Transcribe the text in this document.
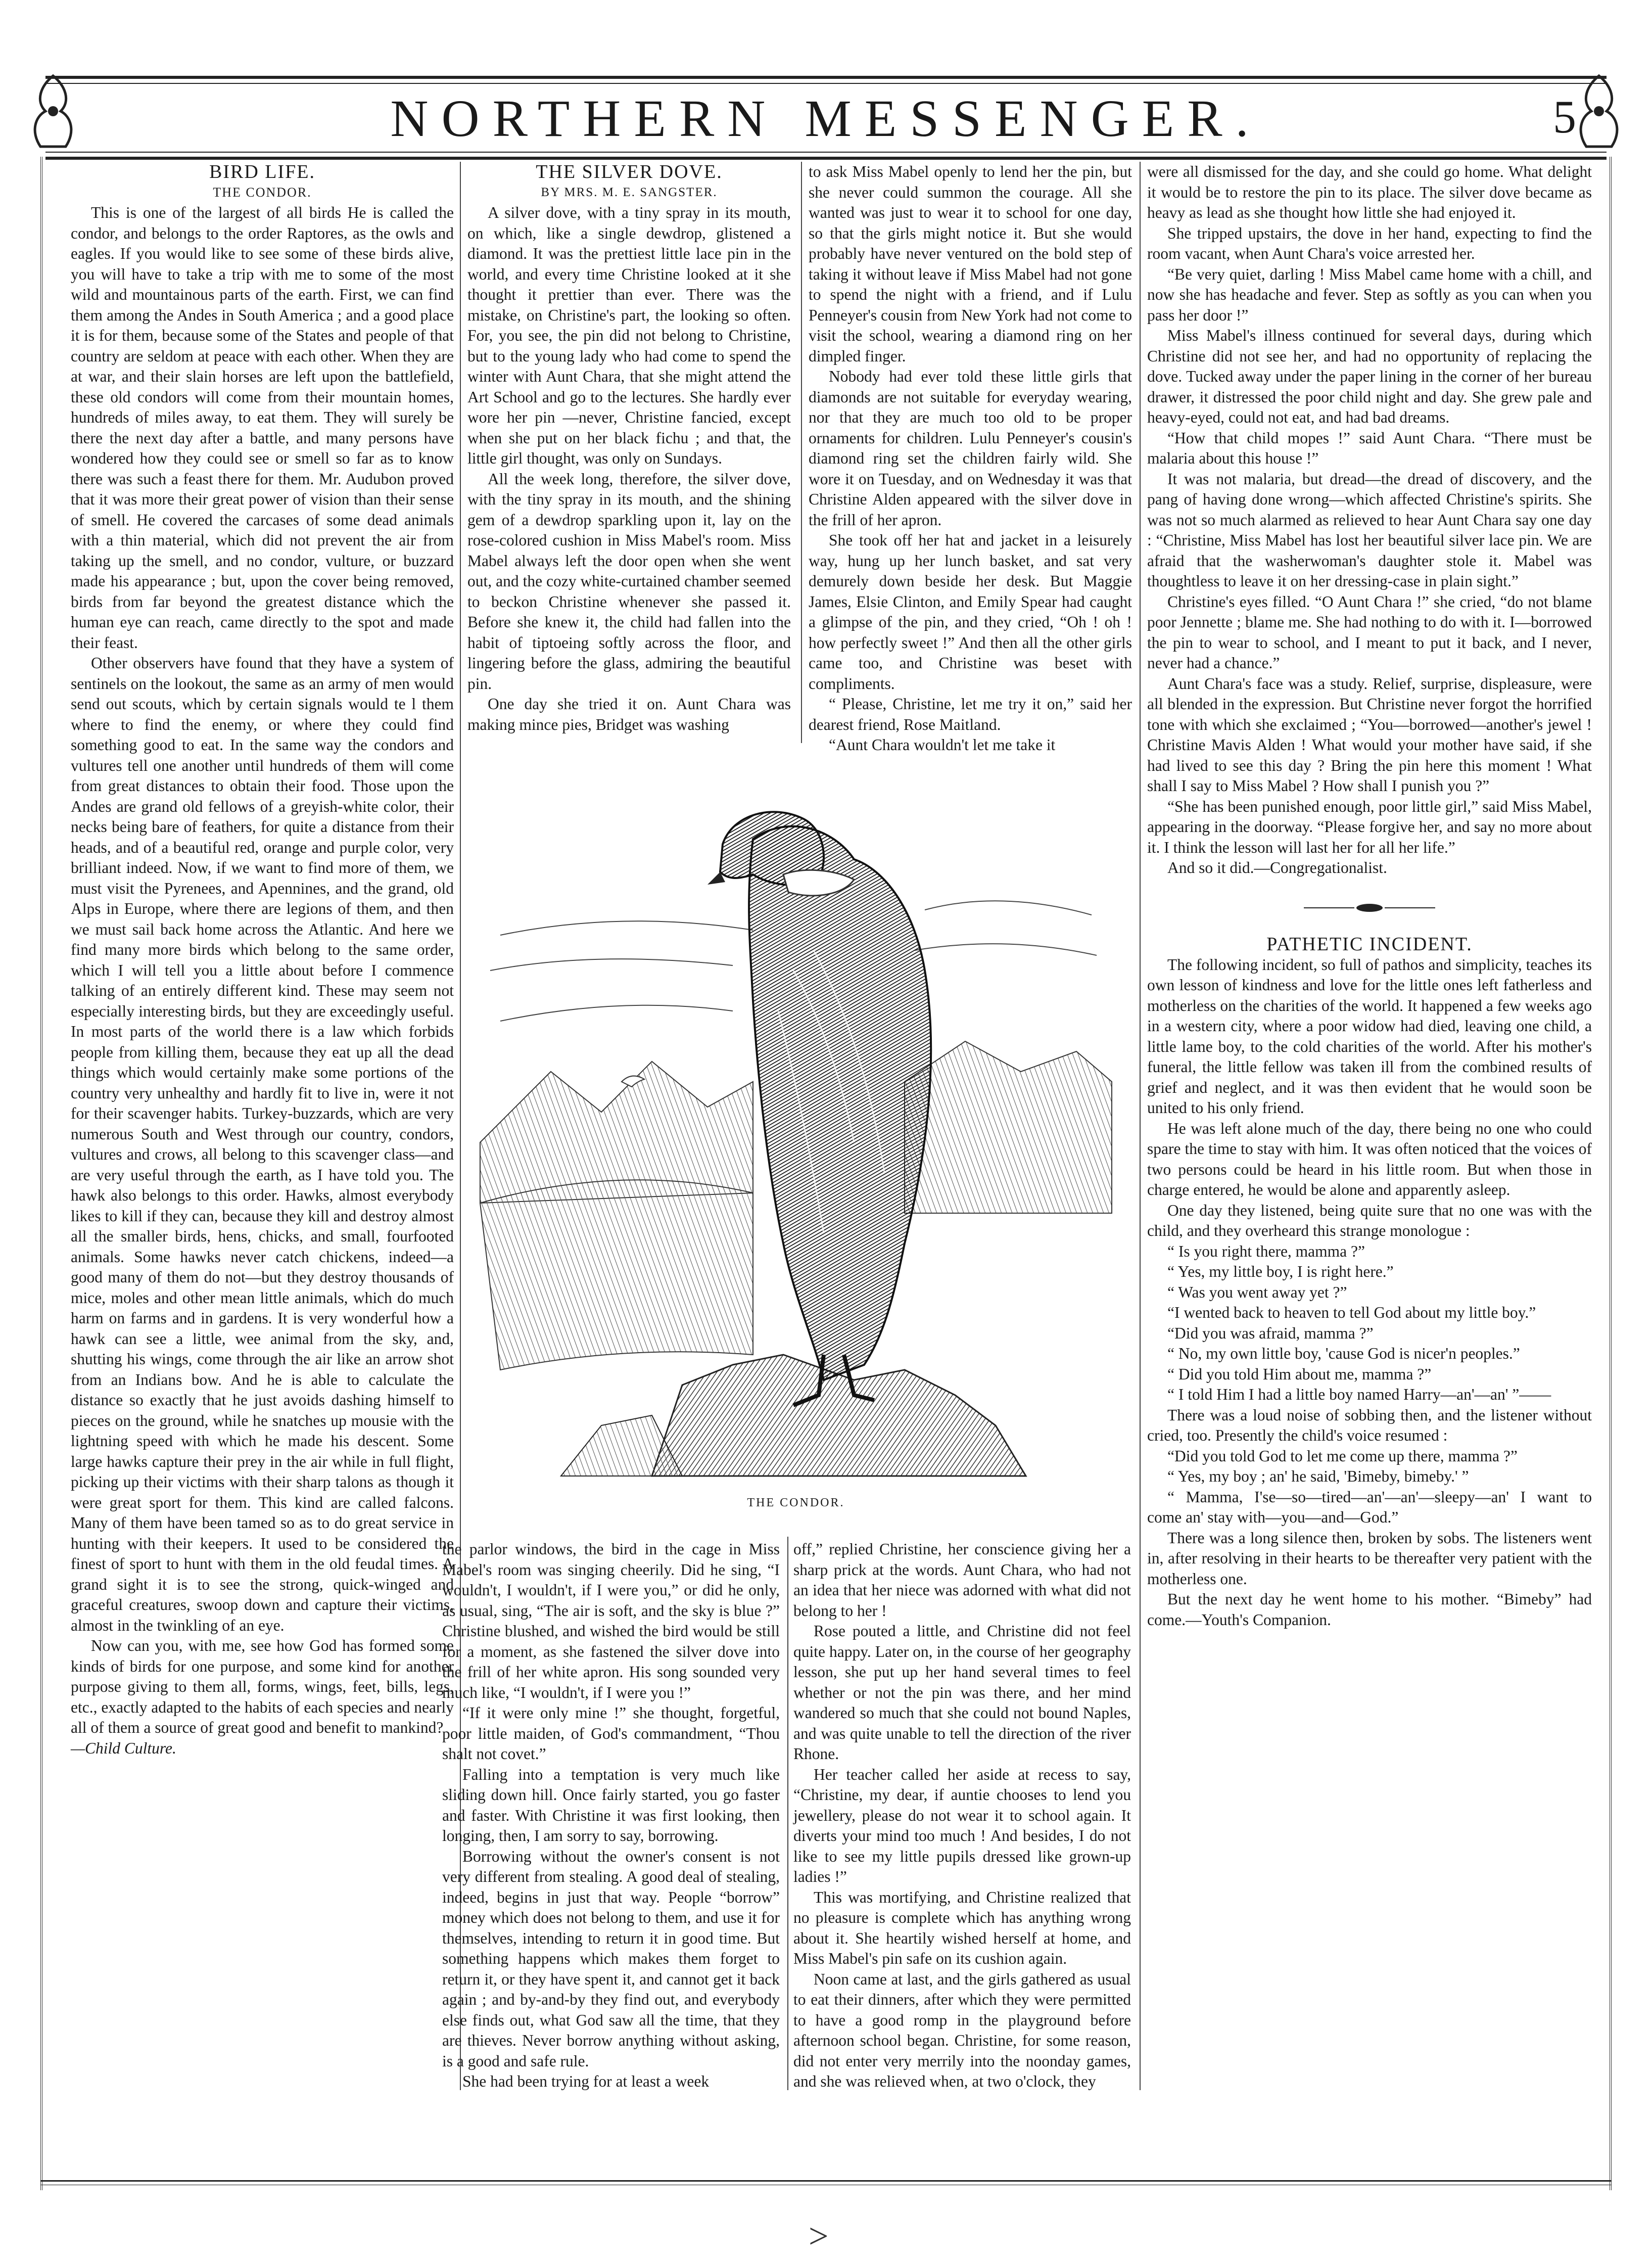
NORTHERN MESSENGER.	5

BIRD LIFE.

THE CONDOR.

This is one of the largest of all birds He is called the condor, and belongs to the order Raptores, as the owls and eagles. If you would like to see some of these birds alive, you will have to take a trip with me to some of the most wild and mountainous parts of the earth. First, we can find them among the Andes in South America ; and a good place it is for them, because some of the States and people of that country are seldom at peace with each other. When they are at war, and their slain horses are left upon the battlefield, these old condors will come from their mountain homes, hundreds of miles away, to eat them. They will surely be there the next day after a battle, and many persons have wondered how they could see or smell so far as to know there was such a feast there for them. Mr. Audubon proved that it was more their great power of vision than their sense of smell. He covered the carcases of some dead animals with a thin material, which did not prevent the air from taking up the smell, and no condor, vulture, or buzzard made his appearance ; but, upon the cover being removed, birds from far beyond the greatest distance which the human eye can reach, came directly to the spot and made their feast.

Other observers have found that they have a system of sentinels on the lookout, the same as an army of men would send out scouts, which by certain signals would te l them where to find the enemy, or where they could find something good to eat. In the same way the condors and vultures tell one another until hundreds of them will come from great distances to obtain their food. Those upon the Andes are grand old fellows of a greyish-white color, their necks being bare of feathers, for quite a distance from their heads, and of a beautiful red, orange and purple color, very brilliant indeed. Now, if we want to find more of them, we must visit the Pyrenees, and Apennines, and the grand, old Alps in Europe, where there are legions of them, and then we must sail back home across the Atlantic. And here we find many more birds which belong to the same order, which I will tell you a little about before I commence talking of an entirely different kind. These may seem not especially interesting birds, but they are exceedingly useful. In most parts of the world there is a law which forbids people from killing them, because they eat up all the dead things which would certainly make some portions of the country very unhealthy and hardly fit to live in, were it not for their scavenger habits. Turkey-buzzards, which are very numerous South and West through our country, condors, vultures and crows, all belong to this scavenger class—and are very useful through the earth, as I have told you. The hawk also belongs to this order. Hawks, almost everybody likes to kill if they can, because they kill and destroy almost all the smaller birds, hens, chicks, and small, fourfooted animals. Some hawks never catch chickens, indeed—a good many of them do not—but they destroy thousands of mice, moles and other mean little animals, which do much harm on farms and in gardens. It is very wonderful how a hawk can see a little, wee animal from the sky, and, shutting his wings, come through the air like an arrow shot from an Indians bow. And he is able to calculate the distance so exactly that he just avoids dashing himself to pieces on the ground, while he snatches up mousie with the lightning speed with which he made his descent. Some large hawks capture their prey in the air while in full flight, picking up their victims with their sharp talons as though it were great sport for them. This kind are called falcons. Many of them have been tamed so as to do great service in hunting with their keepers. It used to be considered the finest of sport to hunt with them in the old feudal times. A grand sight it is to see the strong, quick-winged and graceful creatures, swoop down and capture their victims, almost in the twinkling of an eye.

Now can you, with me, see how God has formed some kinds of birds for one purpose, and some kind for another purpose giving to them all, forms, wings, feet, bills, legs, etc., exactly adapted to the habits of each species and nearly all of them a source of great good and benefit to mankind?

—Child Culture.

THE SILVER DOVE.

BY MRS. M. E. SANGSTER.

A silver dove, with a tiny spray in its mouth, on which, like a single dewdrop, glistened a diamond. It was the prettiest little lace pin in the world, and every time Christine looked at it she thought it prettier than ever. There was the mistake, on Christine's part, the looking so often. For, you see, the pin did not belong to Christine, but to the young lady who had come to spend the winter with Aunt Chara, that she might attend the Art School and go to the lectures. She hardly ever wore her pin —never, Christine fancied, except when she put on her black fichu ; and that, the little girl thought, was only on Sundays.

All the week long, therefore, the silver dove, with the tiny spray in its mouth, and the shining gem of a dewdrop sparkling upon it, lay on the rose-colored cushion in Miss Mabel's room. Miss Mabel always left the door open when she went out, and the cozy white-curtained chamber seemed to beckon Christine whenever she passed it. Before she knew it, the child had fallen into the habit of tiptoeing softly across the floor, and lingering before the glass, admiring the beautiful pin.

One day she tried it on. Aunt Chara was making mince pies, Bridget was washing

to ask Miss Mabel openly to lend her the pin, but she never could summon the courage. All she wanted was just to wear it to school for one day, so that the girls might notice it. But she would probably have never ventured on the bold step of taking it without leave if Miss Mabel had not gone to spend the night with a friend, and if Lulu Penneyer's cousin from New York had not come to visit the school, wearing a diamond ring on her dimpled finger.

Nobody had ever told these little girls that diamonds are not suitable for everyday wearing, nor that they are much too old to be proper ornaments for children. Lulu Penneyer's cousin's diamond ring set the children fairly wild. She wore it on Tuesday, and on Wednesday it was that Christine Alden appeared with the silver dove in the frill of her apron.

She took off her hat and jacket in a leisurely way, hung up her lunch basket, and sat very demurely down beside her desk. But Maggie James, Elsie Clinton, and Emily Spear had caught a glimpse of the pin, and they cried, “Oh ! oh ! how perfectly sweet !” And then all the other girls came too, and Christine was beset with compliments.

“ Please, Christine, let me try it on,” said her dearest friend, Rose Maitland.

“Aunt Chara wouldn't let me take it

THE CONDOR.

the parlor windows, the bird in the cage in Miss Mabel's room was singing cheerily. Did he sing, “I wouldn't, I wouldn't, if I were you,” or did he only, as usual, sing, “The air is soft, and the sky is blue ?” Christine blushed, and wished the bird would be still for a moment, as she fastened the silver dove into the frill of her white apron. His song sounded very much like, “I wouldn't, if I were you !”

“If it were only mine !” she thought, forgetful, poor little maiden, of God's commandment, “Thou shalt not covet.”

Falling into a temptation is very much like sliding down hill. Once fairly started, you go faster and faster. With Christine it was first looking, then longing, then, I am sorry to say, borrowing.

Borrowing without the owner's consent is not very different from stealing. A good deal of stealing, indeed, begins in just that way. People “borrow” money which does not belong to them, and use it for themselves, intending to return it in good time. But something happens which makes them forget to return it, or they have spent it, and cannot get it back again ; and by-and-by they find out, and everybody else finds out, what God saw all the time, that they are thieves. Never borrow anything without asking, is a good and safe rule.

She had been trying for at least a week

off,” replied Christine, her conscience giving her a sharp prick at the words. Aunt Chara, who had not an idea that her niece was adorned with what did not belong to her !

Rose pouted a little, and Christine did not feel quite happy. Later on, in the course of her geography lesson, she put up her hand several times to feel whether or not the pin was there, and her mind wandered so much that she could not bound Naples, and was quite unable to tell the direction of the river Rhone.

Her teacher called her aside at recess to say, “Christine, my dear, if auntie chooses to lend you jewellery, please do not wear it to school again. It diverts your mind too much ! And besides, I do not like to see my little pupils dressed like grown-up ladies !”

This was mortifying, and Christine realized that no pleasure is complete which has anything wrong about it. She heartily wished herself at home, and Miss Mabel's pin safe on its cushion again.

Noon came at last, and the girls gathered as usual to eat their dinners, after which they were permitted to have a good romp in the playground before afternoon school began. Christine, for some reason, did not enter very merrily into the noonday games, and she was relieved when, at two o'clock, they

were all dismissed for the day, and she could go home. What delight it would be to restore the pin to its place. The silver dove became as heavy as lead as she thought how little she had enjoyed it.

She tripped upstairs, the dove in her hand, expecting to find the room vacant, when Aunt Chara's voice arrested her.

“Be very quiet, darling ! Miss Mabel came home with a chill, and now she has headache and fever. Step as softly as you can when you pass her door !”

Miss Mabel's illness continued for several days, during which Christine did not see her, and had no opportunity of replacing the dove. Tucked away under the paper lining in the corner of her bureau drawer, it distressed the poor child night and day. She grew pale and heavy-eyed, could not eat, and had bad dreams.

“How that child mopes !” said Aunt Chara. “There must be malaria about this house !”

It was not malaria, but dread—the dread of discovery, and the pang of having done wrong—which affected Christine's spirits. She was not so much alarmed as relieved to hear Aunt Chara say one day : “Christine, Miss Mabel has lost her beautiful silver lace pin. We are afraid that the washerwoman's daughter stole it. Mabel was thoughtless to leave it on her dressing-case in plain sight.”

Christine's eyes filled. “O Aunt Chara !” she cried, “do not blame poor Jennette ; blame me. She had nothing to do with it. I—borrowed the pin to wear to school, and I meant to put it back, and I never, never had a chance.”

Aunt Chara's face was a study. Relief, surprise, displeasure, were all blended in the expression. But Christine never forgot the horrified tone with which she exclaimed ; “You—borrowed—another's jewel ! Christine Mavis Alden ! What would your mother have said, if she had lived to see this day ? Bring the pin here this moment ! What shall I say to Miss Mabel ? How shall I punish you ?”

“She has been punished enough, poor little girl,” said Miss Mabel, appearing in the doorway. “Please forgive her, and say no more about it. I think the lesson will last her for all her life.”

And so it did.—Congregationalist.

PATHETIC INCIDENT.

The following incident, so full of pathos and simplicity, teaches its own lesson of kindness and love for the little ones left fatherless and motherless on the charities of the world. It happened a few weeks ago in a western city, where a poor widow had died, leaving one child, a little lame boy, to the cold charities of the world. After his mother's funeral, the little fellow was taken ill from the combined results of grief and neglect, and it was then evident that he would soon be united to his only friend.

He was left alone much of the day, there being no one who could spare the time to stay with him. It was often noticed that the voices of two persons could be heard in his little room. But when those in charge entered, he would be alone and apparently asleep.

One day they listened, being quite sure that no one was with the child, and they overheard this strange monologue :

“ Is you right there, mamma ?”

“ Yes, my little boy, I is right here.”

“ Was you went away yet ?”

“I wented back to heaven to tell God about my little boy.”

“Did you was afraid, mamma ?”

“ No, my own little boy, 'cause God is nicer'n peoples.”

“ Did you told Him about me, mamma ?”

“ I told Him I had a little boy named Harry—an'—an' ”——

There was a loud noise of sobbing then, and the listener without cried, too. Presently the child's voice resumed :

“Did you told God to let me come up there, mamma ?”

“ Yes, my boy ; an' he said, 'Bimeby, bimeby.' ”

“ Mamma, I'se—so—tired—an'—an'—sleepy—an' I want to come an' stay with—you—and—God.”

There was a long silence then, broken by sobs. The listeners went in, after resolving in their hearts to be thereafter very patient with the motherless one.

But the next day he went home to his mother. “Bimeby” had come.—Youth's Companion.

>
